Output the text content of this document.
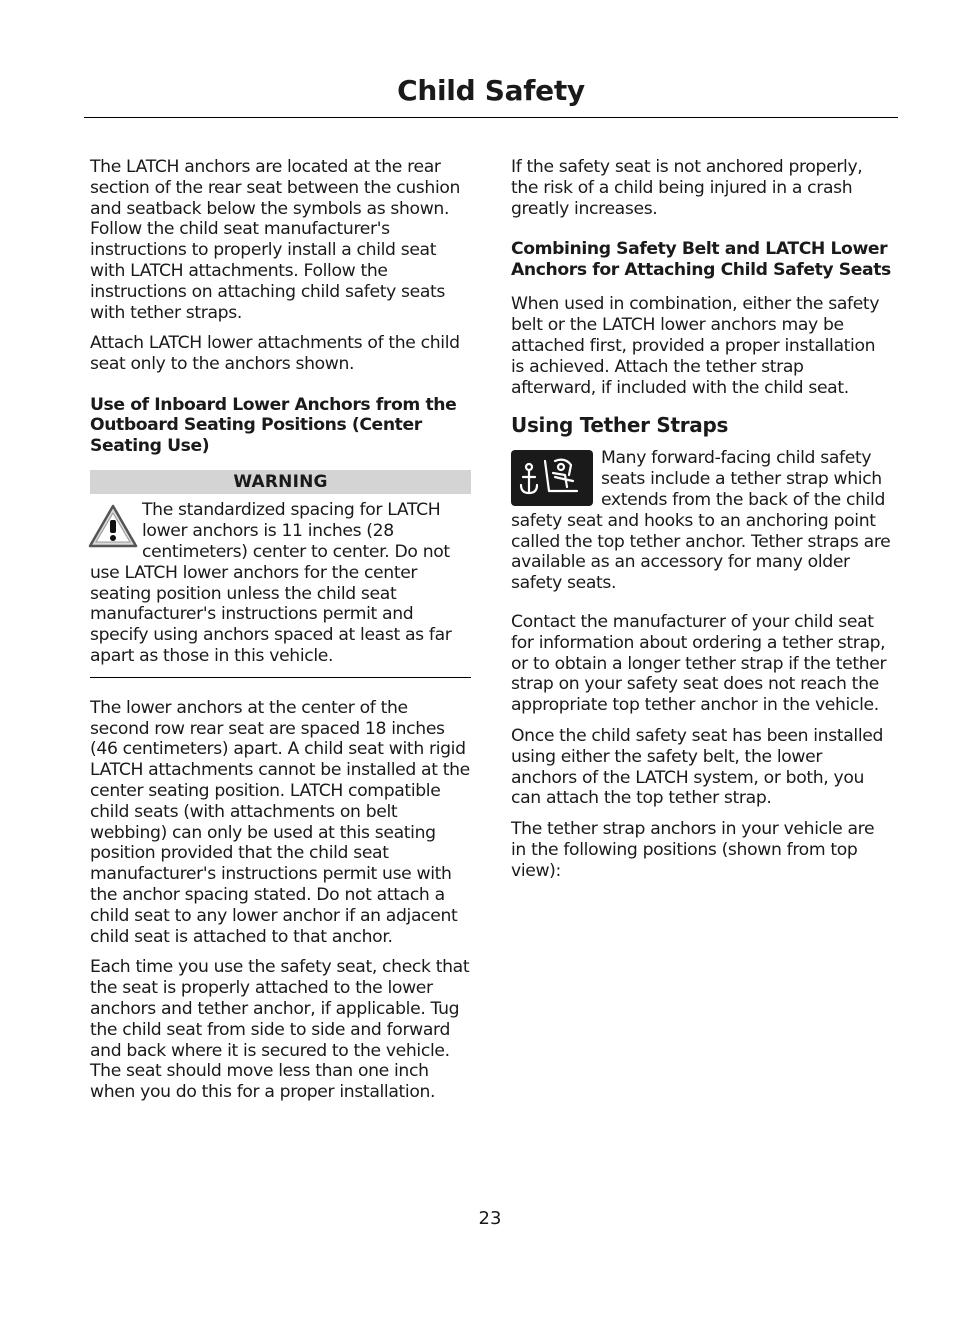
Child Safety

The LATCH anchors are located at the rear section of the rear seat between the cushion and seatback below the symbols as shown. Follow the child seat manufacturer's instructions to properly install a child seat with LATCH attachments. Follow the instructions on attaching child safety seats with tether straps.

Attach LATCH lower attachments of the child seat only to the anchors shown.

Use of Inboard Lower Anchors from the Outboard Seating Positions (Center Seating Use)
WARNING

The standardized spacing for LATCH lower anchors is 11 inches (28 centimeters) center to center. Do not use LATCH lower anchors for the center seating position unless the child seat manufacturer's instructions permit and specify using anchors spaced at least as far apart as those in this vehicle.

The lower anchors at the center of the second row rear seat are spaced 18 inches (46 centimeters) apart. A child seat with rigid LATCH attachments cannot be installed at the center seating position. LATCH compatible child seats (with attachments on belt webbing) can only be used at this seating position provided that the child seat manufacturer's instructions permit use with the anchor spacing stated. Do not attach a child seat to any lower anchor if an adjacent child seat is attached to that anchor.

Each time you use the safety seat, check that the seat is properly attached to the lower anchors and tether anchor, if applicable. Tug the child seat from side to side and forward and back where it is secured to the vehicle. The seat should move less than one inch when you do this for a proper installation.

If the safety seat is not anchored properly, the risk of a child being injured in a crash greatly increases.

Combining Safety Belt and LATCH Lower Anchors for Attaching Child Safety Seats

When used in combination, either the safety belt or the LATCH lower anchors may be attached first, provided a proper installation is achieved. Attach the tether strap afterward, if included with the child seat.

Using Tether Straps

Many forward-facing child safety seats include a tether strap which extends from the back of the child safety seat and hooks to an anchoring point called the top tether anchor. Tether straps are available as an accessory for many older safety seats.

Contact the manufacturer of your child seat for information about ordering a tether strap, or to obtain a longer tether strap if the tether strap on your safety seat does not reach the appropriate top tether anchor in the vehicle.

Once the child safety seat has been installed using either the safety belt, the lower anchors of the LATCH system, or both, you can attach the top tether strap.

The tether strap anchors in your vehicle are in the following positions (shown from top view):

23
